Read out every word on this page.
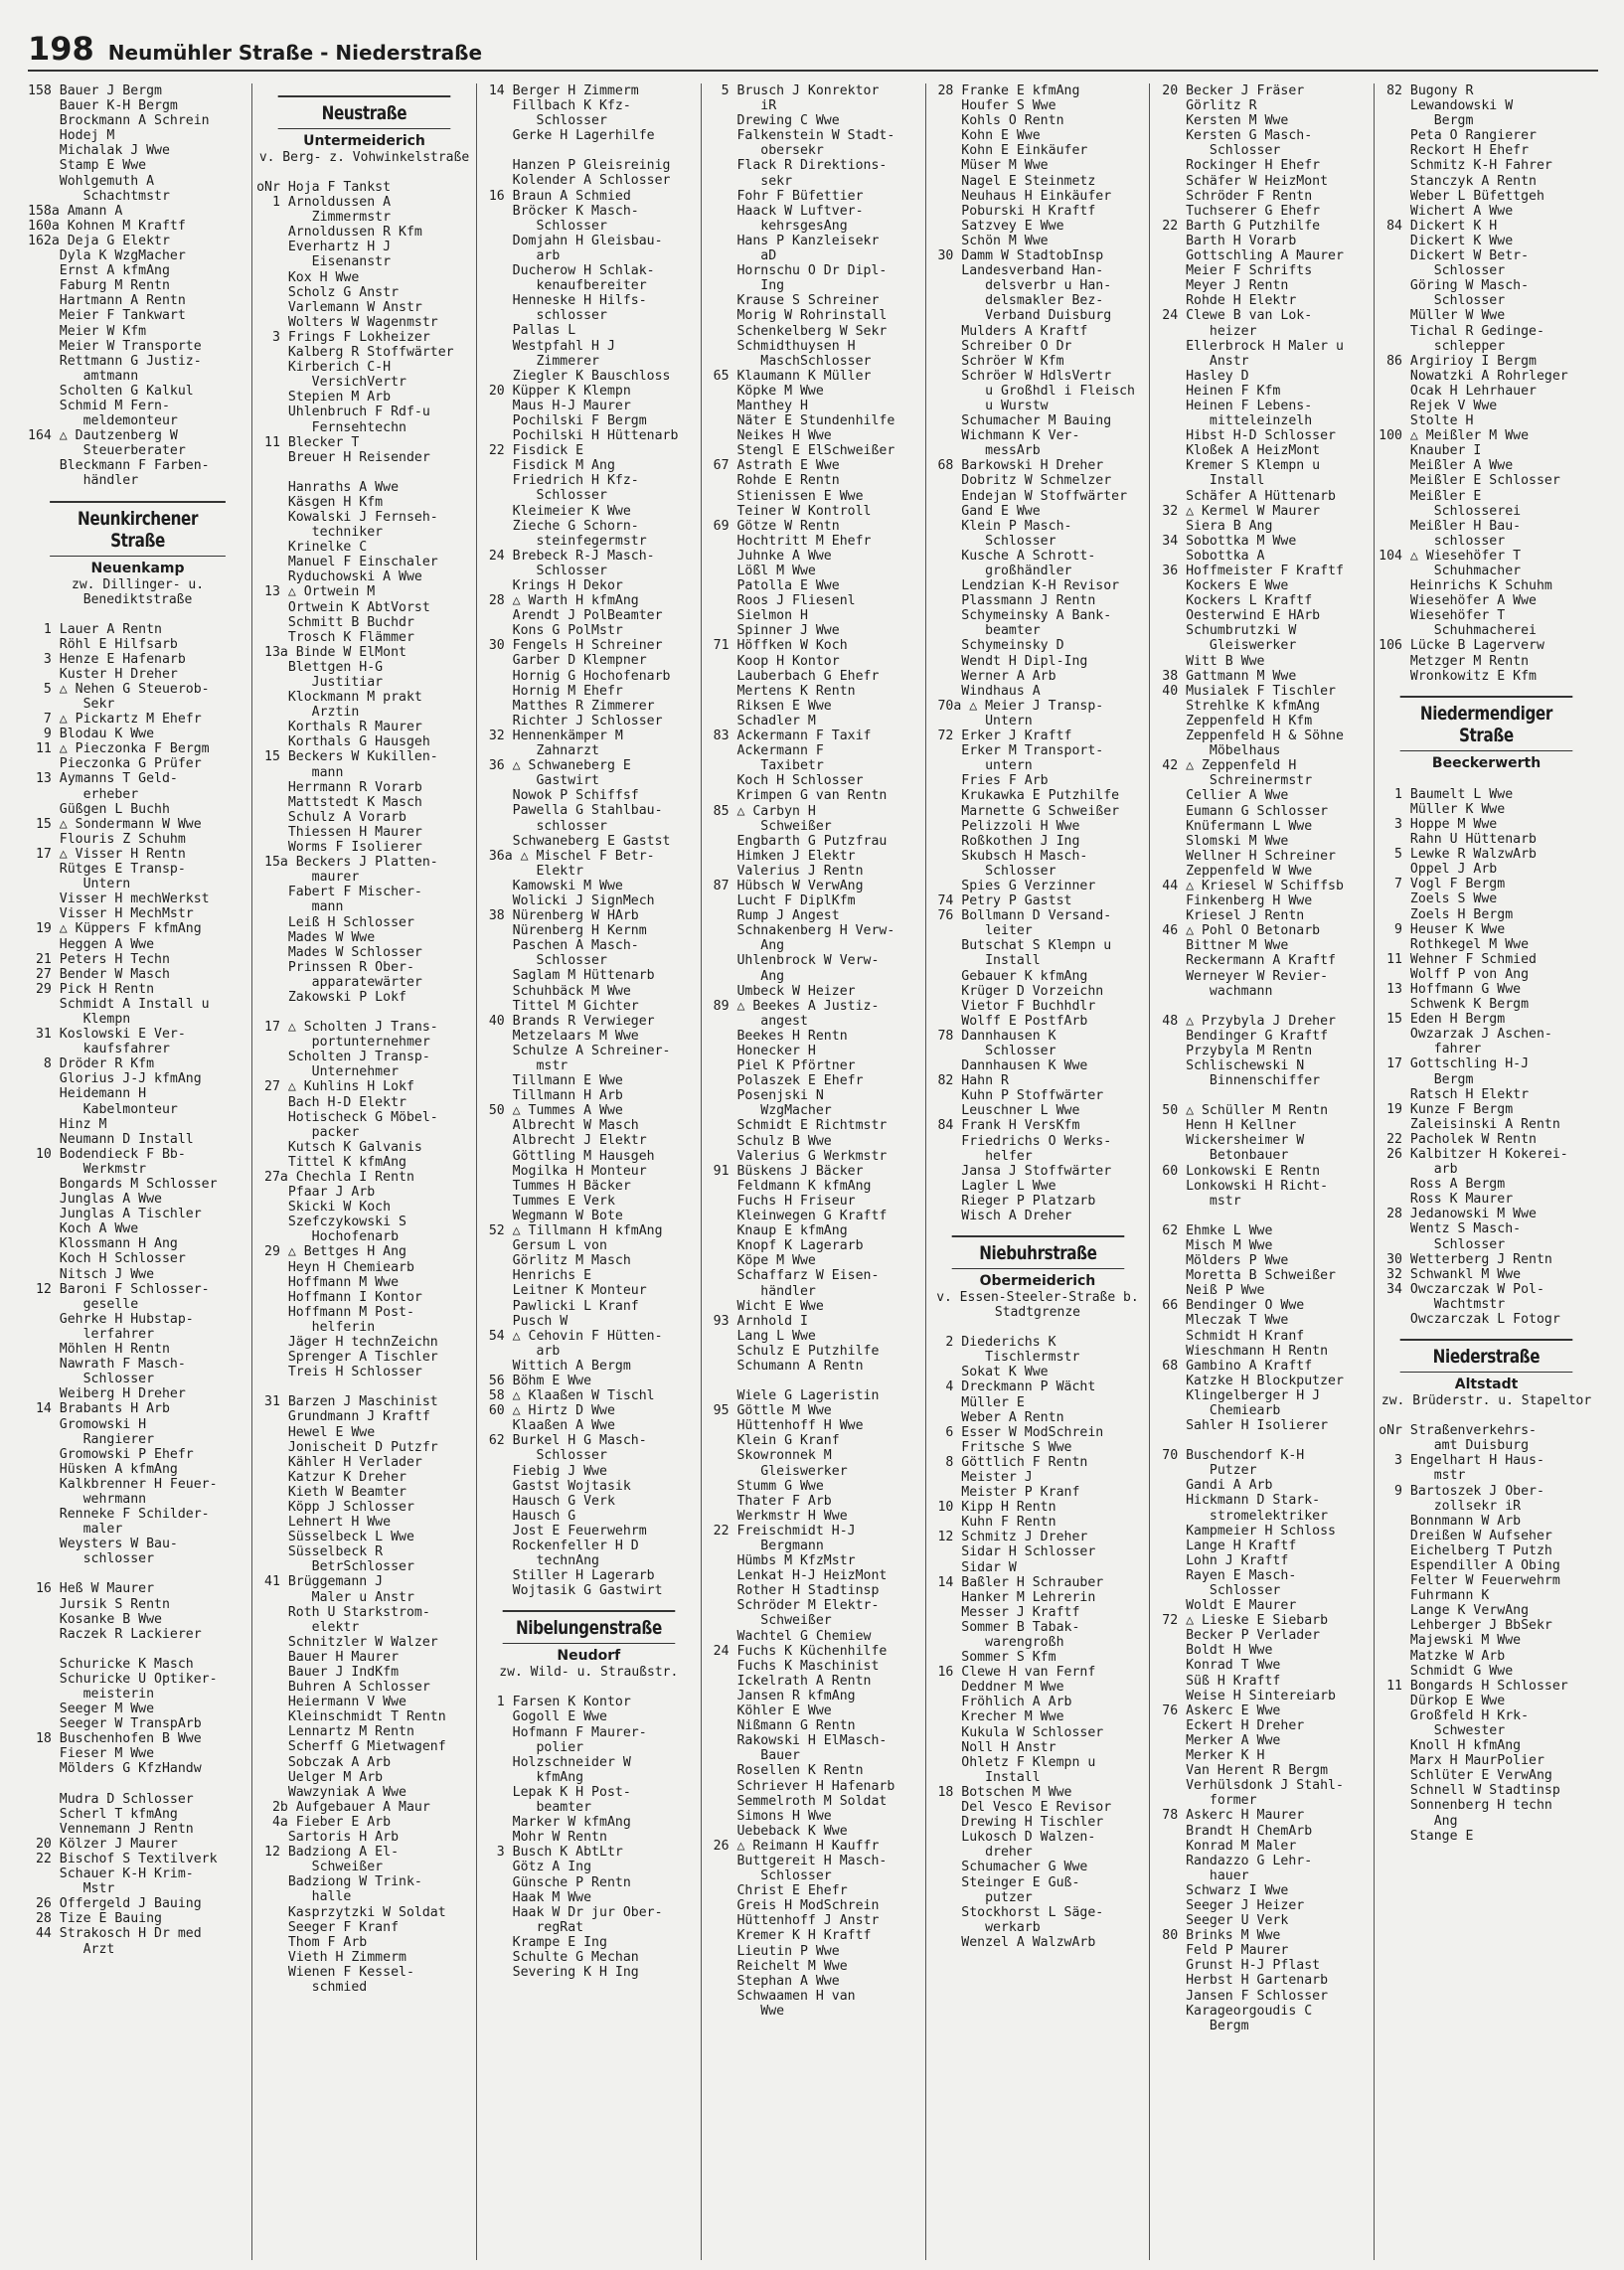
198 Neumühler Straße - Niederstraße
158 Bauer J Bergm
Bauer K-H Bergm
Brockmann A Schrein
Hodej M
Michalak J Wwe
Stamp E Wwe
Wohlgemuth A
Schachtmstr
158a Amann A
160a Kohnen M Kraftf
162a Deja G Elektr
Dyla K WzgMacher
Ernst A kfmAng
Faburg M Rentn
Hartmann A Rentn
Meier F Tankwart
Meier W Kfm
Meier W Transporte
Rettmann G Justiz-
amtmann
Scholten G Kalkul
Schmid M Fern-
meldemonteur
164 △ Dautzenberg W
Steuerberater
Bleckmann F Farben-
händler
Neunkirchener Straße
Neuenkamp
zw. Dillinger- u.
Benediktstraße
1 Lauer A Rentn
Röhl E Hilfsarb
3 Henze E Hafenarb
Kuster H Dreher
5 △ Nehen G Steuerob-
Sekr
7 △ Pickartz M Ehefr
9 Blodau K Wwe
11 △ Pieczonka F Bergm
Pieczonka G Prüfer
13 Aymanns T Geld-
erheber
Güßgen L Buchh
15 △ Sondermann W Wwe
Flouris Z Schuhm
17 △ Visser H Rentn
Rütges E Transp-
Untern
Visser H mechWerkst
Visser H MechMstr
19 △ Küppers F kfmAng
Heggen A Wwe
21 Peters H Techn
27 Bender W Masch
29 Pick H Rentn
Schmidt A Install u
Klempn
31 Koslowski E Ver-
kaufsfahrer
8 Dröder R Kfm
Glorius J-J kfmAng
Heidemann H
Kabelmonteur
Hinz M
Neumann D Install
10 Bodendieck F Bb-
Werkmstr
Bongards M Schlosser
Junglas A Wwe
Junglas A Tischler
Koch A Wwe
Klossmann H Ang
Koch H Schlosser
Nitsch J Wwe
12 Baroni F Schlosser-
geselle
Gehrke H Hubstap-
lerfahrer
Möhlen H Rentn
Nawrath F Masch-
Schlosser
Weiberg H Dreher
14 Brabants H Arb
Gromowski H
Rangierer
Gromowski P Ehefr
Hüsken A kfmAng
Kalkbrenner H Feuer-
wehrmann
Renneke F Schilder-
maler
Weysters W Bau-
schlosser
16 Heß W Maurer
Jursik S Rentn
Kosanke B Wwe
Raczek R Lackierer
Schuricke K Masch
Schuricke U Optiker-
meisterin
Seeger M Wwe
Seeger W TranspArb
18 Buschenhofen B Wwe
Fieser M Wwe
Mölders G KfzHandw
Mudra D Schlosser
Scherl T kfmAng
Vennemann J Rentn
20 Kölzer J Maurer
22 Bischof S Textilverk
Schauer K-H Krim-
Mstr
26 Offergeld J Bauing
28 Tize E Bauing
44 Strakosch H Dr med
Arzt
Neustraße
Untermeiderich
v. Berg- z. Vohwinkelstraße
oNr Hoja F Tankst
1 Arnoldussen A
Zimmermstr
Arnoldussen R Kfm
Everhartz H J
Eisenanstr
Kox H Wwe
Scholz G Anstr
Varlemann W Anstr
Wolters W Wagenmstr
3 Frings F Lokheizer
Kalberg R Stoffwärter
Kirberich C-H
VersichVertr
Stepien M Arb
Uhlenbruch F Rdf-u
Fernsehtechn
11 Blecker T
Breuer H Reisender
Hanraths A Wwe
Käsgen H Kfm
Kowalski J Fernseh-
techniker
Krinelke C
Manuel F Einschaler
Ryduchowski A Wwe
13 △ Ortwein M
Ortwein K AbtVorst
Schmitt B Buchdr
Trosch K Flämmer
13a Binde W ElMont
Blettgen H-G
Justitiar
Klockmann M prakt
Ärztin
Korthals R Maurer
Korthals G Hausgeh
15 Beckers W Kukillen-
mann
Herrmann R Vorarb
Mattstedt K Masch
Schulz A Vorarb
Thiessen H Maurer
Worms F Isolierer
15a Beckers J Platten-
maurer
Fabert F Mischer-
mann
Leiß H Schlosser
Mades W Wwe
Mades W Schlosser
Prinssen R Ober-
apparatewärter
Zakowski P Lokf
17 △ Scholten J Trans-
portunternehmer
Scholten J Transp-
Unternehmer
27 △ Kuhlins H Lokf
Bach H-D Elektr
Hotischeck G Möbel-
packer
Kutsch K Galvanis
Tittel K kfmAng
27a Chechla I Rentn
Pfaar J Arb
Skicki W Koch
Szefczykowski S
Hochofenarb
29 △ Bettges H Ang
Heyn H Chemiearb
Hoffmann M Wwe
Hoffmann I Kontor
Hoffmann M Post-
helferin
Jäger H technZeichn
Sprenger A Tischler
Treis H Schlosser
31 Barzen J Maschinist
Grundmann J Kraftf
Hewel E Wwe
Jonischeit D Putzfr
Kähler H Verlader
Katzur K Dreher
Kieth W Beamter
Köpp J Schlosser
Lehnert H Wwe
Süsselbeck L Wwe
Süsselbeck R
BetrSchlosser
41 Brüggemann J
Maler u Anstr
Roth U Starkstrom-
elektr
Schnitzler W Walzer
Bauer H Maurer
Bauer J IndKfm
Buhren A Schlosser
Heiermann V Wwe
Kleinschmidt T Rentn
Lennartz M Rentn
Scherff G Mietwagenf
Sobczak A Arb
Uelger M Arb
Wawzyniak A Wwe
2b Aufgebauer A Maur
4a Fieber E Arb
Sartoris H Arb
12 Badziong A El-
Schweißer
Badziong W Trink-
halle
Kasprzytzki W Soldat
Seeger F Kranf
Thom F Arb
Vieth H Zimmerm
Wienen F Kessel-
schmied
14 Berger H Zimmerm
Fillbach K Kfz-
Schlosser
Gerke H Lagerhilfe
Hanzen P Gleisreinig
Kolender A Schlosser
16 Braun A Schmied
Bröcker K Masch-
Schlosser
Domjahn H Gleisbau-
arb
Ducherow H Schlak-
kenaufbereiter
Henneske H Hilfs-
schlosser
Pallas L
Westpfahl H J
Zimmerer
Ziegler K Bauschloss
20 Küpper K Klempn
Maus H-J Maurer
Pochilski F Bergm
Pochilski H Hüttenarb
22 Fisdick E
Fisdick M Ang
Friedrich H Kfz-
Schlosser
Kleimeier K Wwe
Zieche G Schorn-
steinfegermstr
24 Brebeck R-J Masch-
Schlosser
Krings H Dekor
28 △ Warth H kfmAng
Arendt J PolBeamter
Kons G PolMstr
30 Fengels H Schreiner
Garber D Klempner
Hornig G Hochofenarb
Hornig M Ehefr
Matthes R Zimmerer
Richter J Schlosser
32 Hennenkämper M
Zahnarzt
36 △ Schwaneberg E
Gastwirt
Nowok P Schiffsf
Pawella G Stahlbau-
schlosser
Schwaneberg E Gastst
36a △ Mischel F Betr-
Elektr
Kamowski M Wwe
Wolicki J SignMech
38 Nürenberg W HArb
Nürenberg H Kernm
Paschen A Masch-
Schlosser
Saglam M Hüttenarb
Schuhbäck M Wwe
Tittel M Gichter
40 Brands R Verwieger
Metzelaars M Wwe
Schulze A Schreiner-
mstr
Tillmann E Wwe
Tillmann H Arb
50 △ Tummes A Wwe
Albrecht W Masch
Albrecht J Elektr
Göttling M Hausgeh
Mogilka H Monteur
Tummes H Bäcker
Tummes E Verk
Wegmann W Bote
52 △ Tillmann H kfmAng
Gersum L von
Görlitz M Masch
Henrichs E
Leitner K Monteur
Pawlicki L Kranf
Pusch W
54 △ Cehovin F Hütten-
arb
Wittich A Bergm
56 Böhm E Wwe
58 △ Klaaßen W Tischl
60 △ Hirtz D Wwe
Klaaßen A Wwe
62 Burkel H G Masch-
Schlosser
Fiebig J Wwe
Gastst Wojtasik
Hausch G Verk
Hausch G
Jost E Feuerwehrm
Rockenfeller H D
technAng
Stiller H Lagerarb
Wojtasik G Gastwirt
Nibelungenstraße
Neudorf
zw. Wild- u. Straußstr.
1 Farsen K Kontor
Gogoll E Wwe
Hofmann F Maurer-
polier
Holzschneider W
kfmAng
Lepak K H Post-
beamter
Marker W kfmAng
Mohr W Rentn
3 Busch K AbtLtr
Götz A Ing
Günsche P Rentn
Haak M Wwe
Haak W Dr jur Ober-
regRat
Krampe E Ing
Schulte G Mechan
Severing K H Ing
5 Brusch J Konrektor
iR
Drewing C Wwe
Falkenstein W Stadt-
obersekr
Flack R Direktions-
sekr
Fohr F Büfettier
Haack W Luftver-
kehrsgesAng
Hans P Kanzleisekr
aD
Hornschu O Dr Dipl-
Ing
Krause S Schreiner
Morig W Rohrinstall
Schenkelberg W Sekr
Schmidthuysen H
MaschSchlosser
65 Klaumann K Müller
Köpke M Wwe
Manthey H
Näter E Stundenhilfe
Neikes H Wwe
Stengl E ElSchweißer
67 Astrath E Wwe
Rohde E Rentn
Stienissen E Wwe
Teiner W Kontroll
69 Götze W Rentn
Hochtritt M Ehefr
Juhnke A Wwe
Lößl M Wwe
Patolla E Wwe
Roos J Fliesenl
Sielmon H
Spinner J Wwe
71 Höffken W Koch
Koop H Kontor
Lauberbach G Ehefr
Mertens K Rentn
Riksen E Wwe
Schadler M
83 Ackermann F Taxif
Ackermann F
Taxibetr
Koch H Schlosser
Krimpen G van Rentn
85 △ Carbyn H
Schweißer
Engbarth G Putzfrau
Himken J Elektr
Valerius J Rentn
87 Hübsch W VerwAng
Lucht F DiplKfm
Rump J Angest
Schnakenberg H Verw-
Ang
Uhlenbrock W Verw-
Ang
Umbeck W Heizer
89 △ Beekes A Justiz-
angest
Beekes H Rentn
Honecker H
Piel K Pförtner
Polaszek E Ehefr
Posenjski N
WzgMacher
Schmidt E Richtmstr
Schulz B Wwe
Valerius G Werkmstr
91 Büskens J Bäcker
Feldmann K kfmAng
Fuchs H Friseur
Kleinwegen G Kraftf
Knaup E kfmAng
Knopf K Lagerarb
Köpe M Wwe
Schaffarz W Eisen-
händler
Wicht E Wwe
93 Arnhold I
Lang L Wwe
Schulz E Putzhilfe
Schumann A Rentn
Wiele G Lageristin
95 Göttle M Wwe
Hüttenhoff H Wwe
Klein G Kranf
Skowronnek M
Gleiswerker
Stumm G Wwe
Thater F Arb
Werkmstr H Wwe
22 Freischmidt H-J
Bergmann
Hümbs M KfzMstr
Lenkat H-J HeizMont
Rother H Stadtinsp
Schröder M Elektr-
Schweißer
Wachtel G Chemiew
24 Fuchs K Küchenhilfe
Fuchs K Maschinist
Ickelrath A Rentn
Jansen R kfmAng
Köhler E Wwe
Nißmann G Rentn
Rakowski H ElMasch-
Bauer
Rosellen K Rentn
Schriever H Hafenarb
Semmelroth M Soldat
Simons H Wwe
Uebeback K Wwe
26 △ Reimann H Kauffr
Buttgereit H Masch-
Schlosser
Christ E Ehefr
Greis H ModSchrein
Hüttenhoff J Anstr
Kremer K H Kraftf
Lieutin P Wwe
Reichelt M Wwe
Stephan A Wwe
Schwaamen H van
Wwe
28 Franke E kfmAng
Houfer S Wwe
Kohls O Rentn
Kohn E Wwe
Kohn E Einkäufer
Müser M Wwe
Nagel E Steinmetz
Neuhaus H Einkäufer
Poburski H Kraftf
Satzvey E Wwe
Schön M Wwe
30 Damm W StadtobInsp
Landesverband Han-
delsverbr u Han-
delsmakler Bez-
Verband Duisburg
Mulders A Kraftf
Schreiber O Dr
Schröer W Kfm
Schröer W HdlsVertr
u Großhdl i Fleisch
u Wurstw
Schumacher M Bauing
Wichmann K Ver-
messArb
68 Barkowski H Dreher
Dobritz W Schmelzer
Endejan W Stoffwärter
Gand E Wwe
Klein P Masch-
Schlosser
Kusche A Schrott-
großhändler
Lendzian K-H Revisor
Plassmann J Rentn
Schymeinsky A Bank-
beamter
Schymeinsky D
Wendt H Dipl-Ing
Werner A Arb
Windhaus A
70a △ Meier J Transp-
Untern
72 Erker J Kraftf
Erker M Transport-
untern
Fries F Arb
Krukawka E Putzhilfe
Marnette G Schweißer
Pelizzoli H Wwe
Roßkothen J Ing
Skubsch H Masch-
Schlosser
Spies G Verzinner
74 Petry P Gastst
76 Bollmann D Versand-
leiter
Butschat S Klempn u
Install
Gebauer K kfmAng
Krüger D Vorzeichn
Vietor F Buchhdlr
Wolff E PostfArb
78 Dannhausen K
Schlosser
Dannhausen K Wwe
82 Hahn R
Kuhn P Stoffwärter
Leuschner L Wwe
84 Frank H VersKfm
Friedrichs O Werks-
helfer
Jansa J Stoffwärter
Lagler L Wwe
Rieger P Platzarb
Wisch A Dreher
Niebuhrstraße
Obermeiderich
v. Essen-Steeler-Straße b.
Stadtgrenze
2 Diederichs K
Tischlermstr
Sokat K Wwe
4 Dreckmann P Wächt
Müller E
Weber A Rentn
6 Esser W ModSchrein
Fritsche S Wwe
8 Göttlich F Rentn
Meister J
Meister P Kranf
10 Kipp H Rentn
Kuhn F Rentn
12 Schmitz J Dreher
Sidar H Schlosser
Sidar W
14 Baßler H Schrauber
Hanker M Lehrerin
Messer J Kraftf
Sommer B Tabak-
warengroßh
Sommer S Kfm
16 Clewe H van Fernf
Deddner M Wwe
Fröhlich A Arb
Krecher M Wwe
Kukula W Schlosser
Noll H Anstr
Ohletz F Klempn u
Install
18 Botschen M Wwe
Del Vesco E Revisor
Drewing H Tischler
Lukosch D Walzen-
dreher
Schumacher G Wwe
Steinger E Guß-
putzer
Stockhorst L Säge-
werkarb
Wenzel A WalzwArb
20 Becker J Fräser
Görlitz R
Kersten M Wwe
Kersten G Masch-
Schlosser
Rockinger H Ehefr
Schäfer W HeizMont
Schröder F Rentn
Tuchserer G Ehefr
22 Barth G Putzhilfe
Barth H Vorarb
Gottschling A Maurer
Meier F Schrifts
Meyer J Rentn
Rohde H Elektr
24 Clewe B van Lok-
heizer
Ellerbrock H Maler u
Anstr
Hasley D
Heinen F Kfm
Heinen F Lebens-
mitteleinzelh
Hibst H-D Schlosser
Kloßek A HeizMont
Kremer S Klempn u
Install
Schäfer A Hüttenarb
32 △ Kermel W Maurer
Siera B Ang
34 Sobottka M Wwe
Sobottka A
36 Hoffmeister F Kraftf
Kockers E Wwe
Kockers L Kraftf
Oesterwind E HArb
Schumbrutzki W
Gleiswerker
Witt B Wwe
38 Gattmann M Wwe
40 Musialek F Tischler
Strehlke K kfmAng
Zeppenfeld H Kfm
Zeppenfeld H & Söhne
Möbelhaus
42 △ Zeppenfeld H
Schreinermstr
Cellier A Wwe
Eumann G Schlosser
Knüfermann L Wwe
Slomski M Wwe
Wellner H Schreiner
Zeppenfeld W Wwe
44 △ Kriesel W Schiffsb
Finkenberg H Wwe
Kriesel J Rentn
46 △ Pohl O Betonarb
Bittner M Wwe
Reckermann A Kraftf
Werneyer W Revier-
wachmann
48 △ Przybyla J Dreher
Bendinger G Kraftf
Przybyla M Rentn
Schlischewski N
Binnenschiffer
50 △ Schüller M Rentn
Henn H Kellner
Wickersheimer W
Betonbauer
60 Lonkowski E Rentn
Lonkowski H Richt-
mstr
62 Ehmke L Wwe
Misch M Wwe
Mölders P Wwe
Moretta B Schweißer
Neiß P Wwe
66 Bendinger O Wwe
Mleczak T Wwe
Schmidt H Kranf
Wieschmann H Rentn
68 Gambino A Kraftf
Katzke H Blockputzer
Klingelberger H J
Chemiearb
Sahler H Isolierer
70 Buschendorf K-H
Putzer
Gandi A Arb
Hickmann D Stark-
stromelektriker
Kampmeier H Schloss
Lange H Kraftf
Lohn J Kraftf
Rayen E Masch-
Schlosser
Woldt E Maurer
72 △ Lieske E Siebarb
Becker P Verlader
Boldt H Wwe
Konrad T Wwe
Süß H Kraftf
Weise H Sintereiarb
76 Askerc E Wwe
Eckert H Dreher
Merker A Wwe
Merker K H
Van Herent R Bergm
Verhülsdonk J Stahl-
former
78 Askerc H Maurer
Brandt H ChemArb
Konrad M Maler
Randazzo G Lehr-
hauer
Schwarz I Wwe
Seeger J Heizer
Seeger U Verk
80 Brinks M Wwe
Feld P Maurer
Grunst H-J Pflast
Herbst H Gartenarb
Jansen F Schlosser
Karageorgoudis C
Bergm
82 Bugony R
Lewandowski W
Bergm
Peta O Rangierer
Reckort H Ehefr
Schmitz K-H Fahrer
Stanczyk A Rentn
Weber L Büfettgeh
Wichert A Wwe
84 Dickert K H
Dickert K Wwe
Dickert W Betr-
Schlosser
Göring W Masch-
Schlosser
Müller W Wwe
Tichal R Gedinge-
schlepper
86 Argirioy I Bergm
Nowatzki A Rohrleger
Ocak H Lehrhauer
Rejek V Wwe
Stolte H
100 △ Meißler M Wwe
Knauber I
Meißler A Wwe
Meißler E Schlosser
Meißler E
Schlosserei
Meißler H Bau-
schlosser
104 △ Wiesehöfer T
Schuhmacher
Heinrichs K Schuhm
Wiesehöfer A Wwe
Wiesehöfer T
Schuhmacherei
106 Lücke B Lagerverw
Metzger M Rentn
Wronkowitz E Kfm
Niedermendiger Straße
Beeckerwerth
1 Baumelt L Wwe
Müller K Wwe
3 Hoppe M Wwe
Rahn U Hüttenarb
5 Lewke R WalzwArb
Oppel J Arb
7 Vogl F Bergm
Zoels S Wwe
Zoels H Bergm
9 Heuser K Wwe
Rothkegel M Wwe
11 Wehner F Schmied
Wolff P von Ang
13 Hoffmann G Wwe
Schwenk K Bergm
15 Eden H Bergm
Owzarzak J Aschen-
fahrer
17 Gottschling H-J
Bergm
Ratsch H Elektr
19 Kunze F Bergm
Zaleisinski A Rentn
22 Pacholek W Rentn
26 Kalbitzer H Kokerei-
arb
Ross A Bergm
Ross K Maurer
28 Jedanowski M Wwe
Wentz S Masch-
Schlosser
30 Wetterberg J Rentn
32 Schwankl M Wwe
34 Owczarczak W Pol-
Wachtmstr
Owczarczak L Fotogr
Niederstraße
Altstadt
zw. Brüderstr. u. Stapeltor
oNr Straßenverkehrs-
amt Duisburg
3 Engelhart H Haus-
mstr
9 Bartoszek J Ober-
zollsekr iR
Bonnmann W Arb
Dreißen W Aufseher
Eichelberg T Putzh
Espendiller A Obing
Felter W Feuerwehrm
Fuhrmann K
Lange K VerwAng
Lehberger J BbSekr
Majewski M Wwe
Matzke W Arb
Schmidt G Wwe
11 Bongards H Schlosser
Dürkop E Wwe
Großfeld H Krk-
Schwester
Knoll H kfmAng
Marx H MaurPolier
Schlüter E VerwAng
Schnell W Stadtinsp
Sonnenberg H techn
Ang
Stange E
